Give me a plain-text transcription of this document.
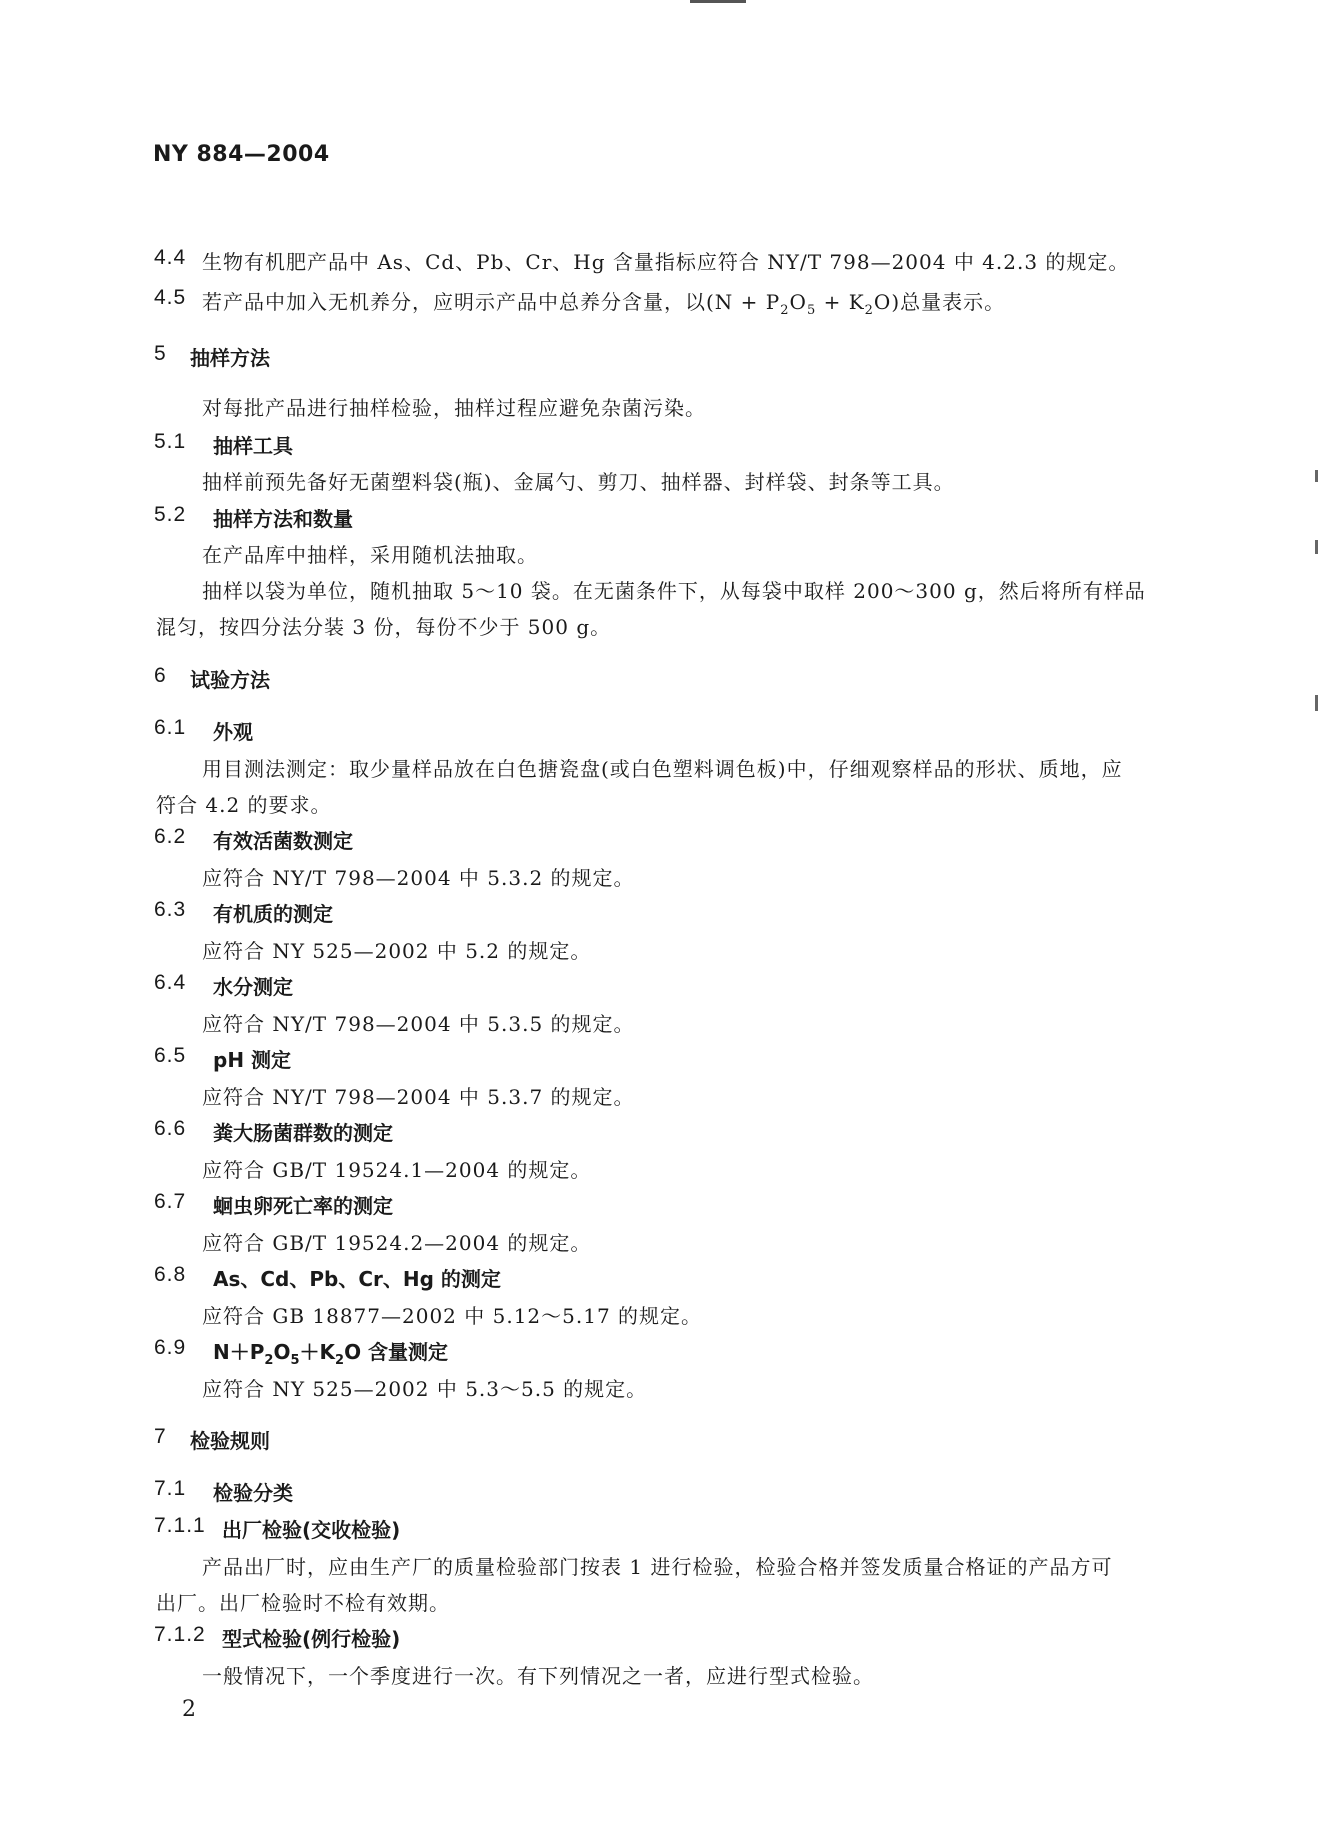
NY 884—2004
4.4 生物有机肥产品中 As、Cd、Pb、Cr、Hg 含量指标应符合 NY/T 798—2004 中 4.2.3 的规定。
4.5 若产品中加入无机养分，应明示产品中总养分含量，以$(N + P_2O_5 + K_2O)$总量表示。
5 抽样方法
对每批产品进行抽样检验，抽样过程应避免杂菌污染。
5.1 抽样工具
抽样前预先备好无菌塑料袋(瓶)、金属勺、剪刀、抽样器、封样袋、封条等工具。
5.2 抽样方法和数量
在产品库中抽样，采用随机法抽取。
抽样以袋为单位，随机抽取 5～10 袋。在无菌条件下，从每袋中取样 200～300 g，然后将所有样品
混匀，按四分法分装 3 份，每份不少于 500 g。
6 试验方法
6.1 外观
用目测法测定：取少量样品放在白色搪瓷盘(或白色塑料调色板)中，仔细观察样品的形状、质地，应
符合 4.2 的要求。
6.2 有效活菌数测定
应符合 NY/T 798—2004 中 5.3.2 的规定。
6.3 有机质的测定
应符合 NY 525—2002 中 5.2 的规定。
6.4 水分测定
应符合 NY/T 798—2004 中 5.3.5 的规定。
6.5 pH 测定
应符合 NY/T 798—2004 中 5.3.7 的规定。
6.6 粪大肠菌群数的测定
应符合 GB/T 19524.1—2004 的规定。
6.7 蛔虫卵死亡率的测定
应符合 GB/T 19524.2—2004 的规定。
6.8 As、Cd、Pb、Cr、Hg 的测定
应符合 GB 18877—2002 中 5.12～5.17 的规定。
6.9 $N+P_2O_5+K_2O$ 含量测定
应符合 NY 525—2002 中 5.3～5.5 的规定。
7 检验规则
7.1 检验分类
7.1.1 出厂检验(交收检验)
产品出厂时，应由生产厂的质量检验部门按表 1 进行检验，检验合格并签发质量合格证的产品方可
出厂。出厂检验时不检有效期。
7.1.2 型式检验(例行检验)
一般情况下，一个季度进行一次。有下列情况之一者，应进行型式检验。
2
